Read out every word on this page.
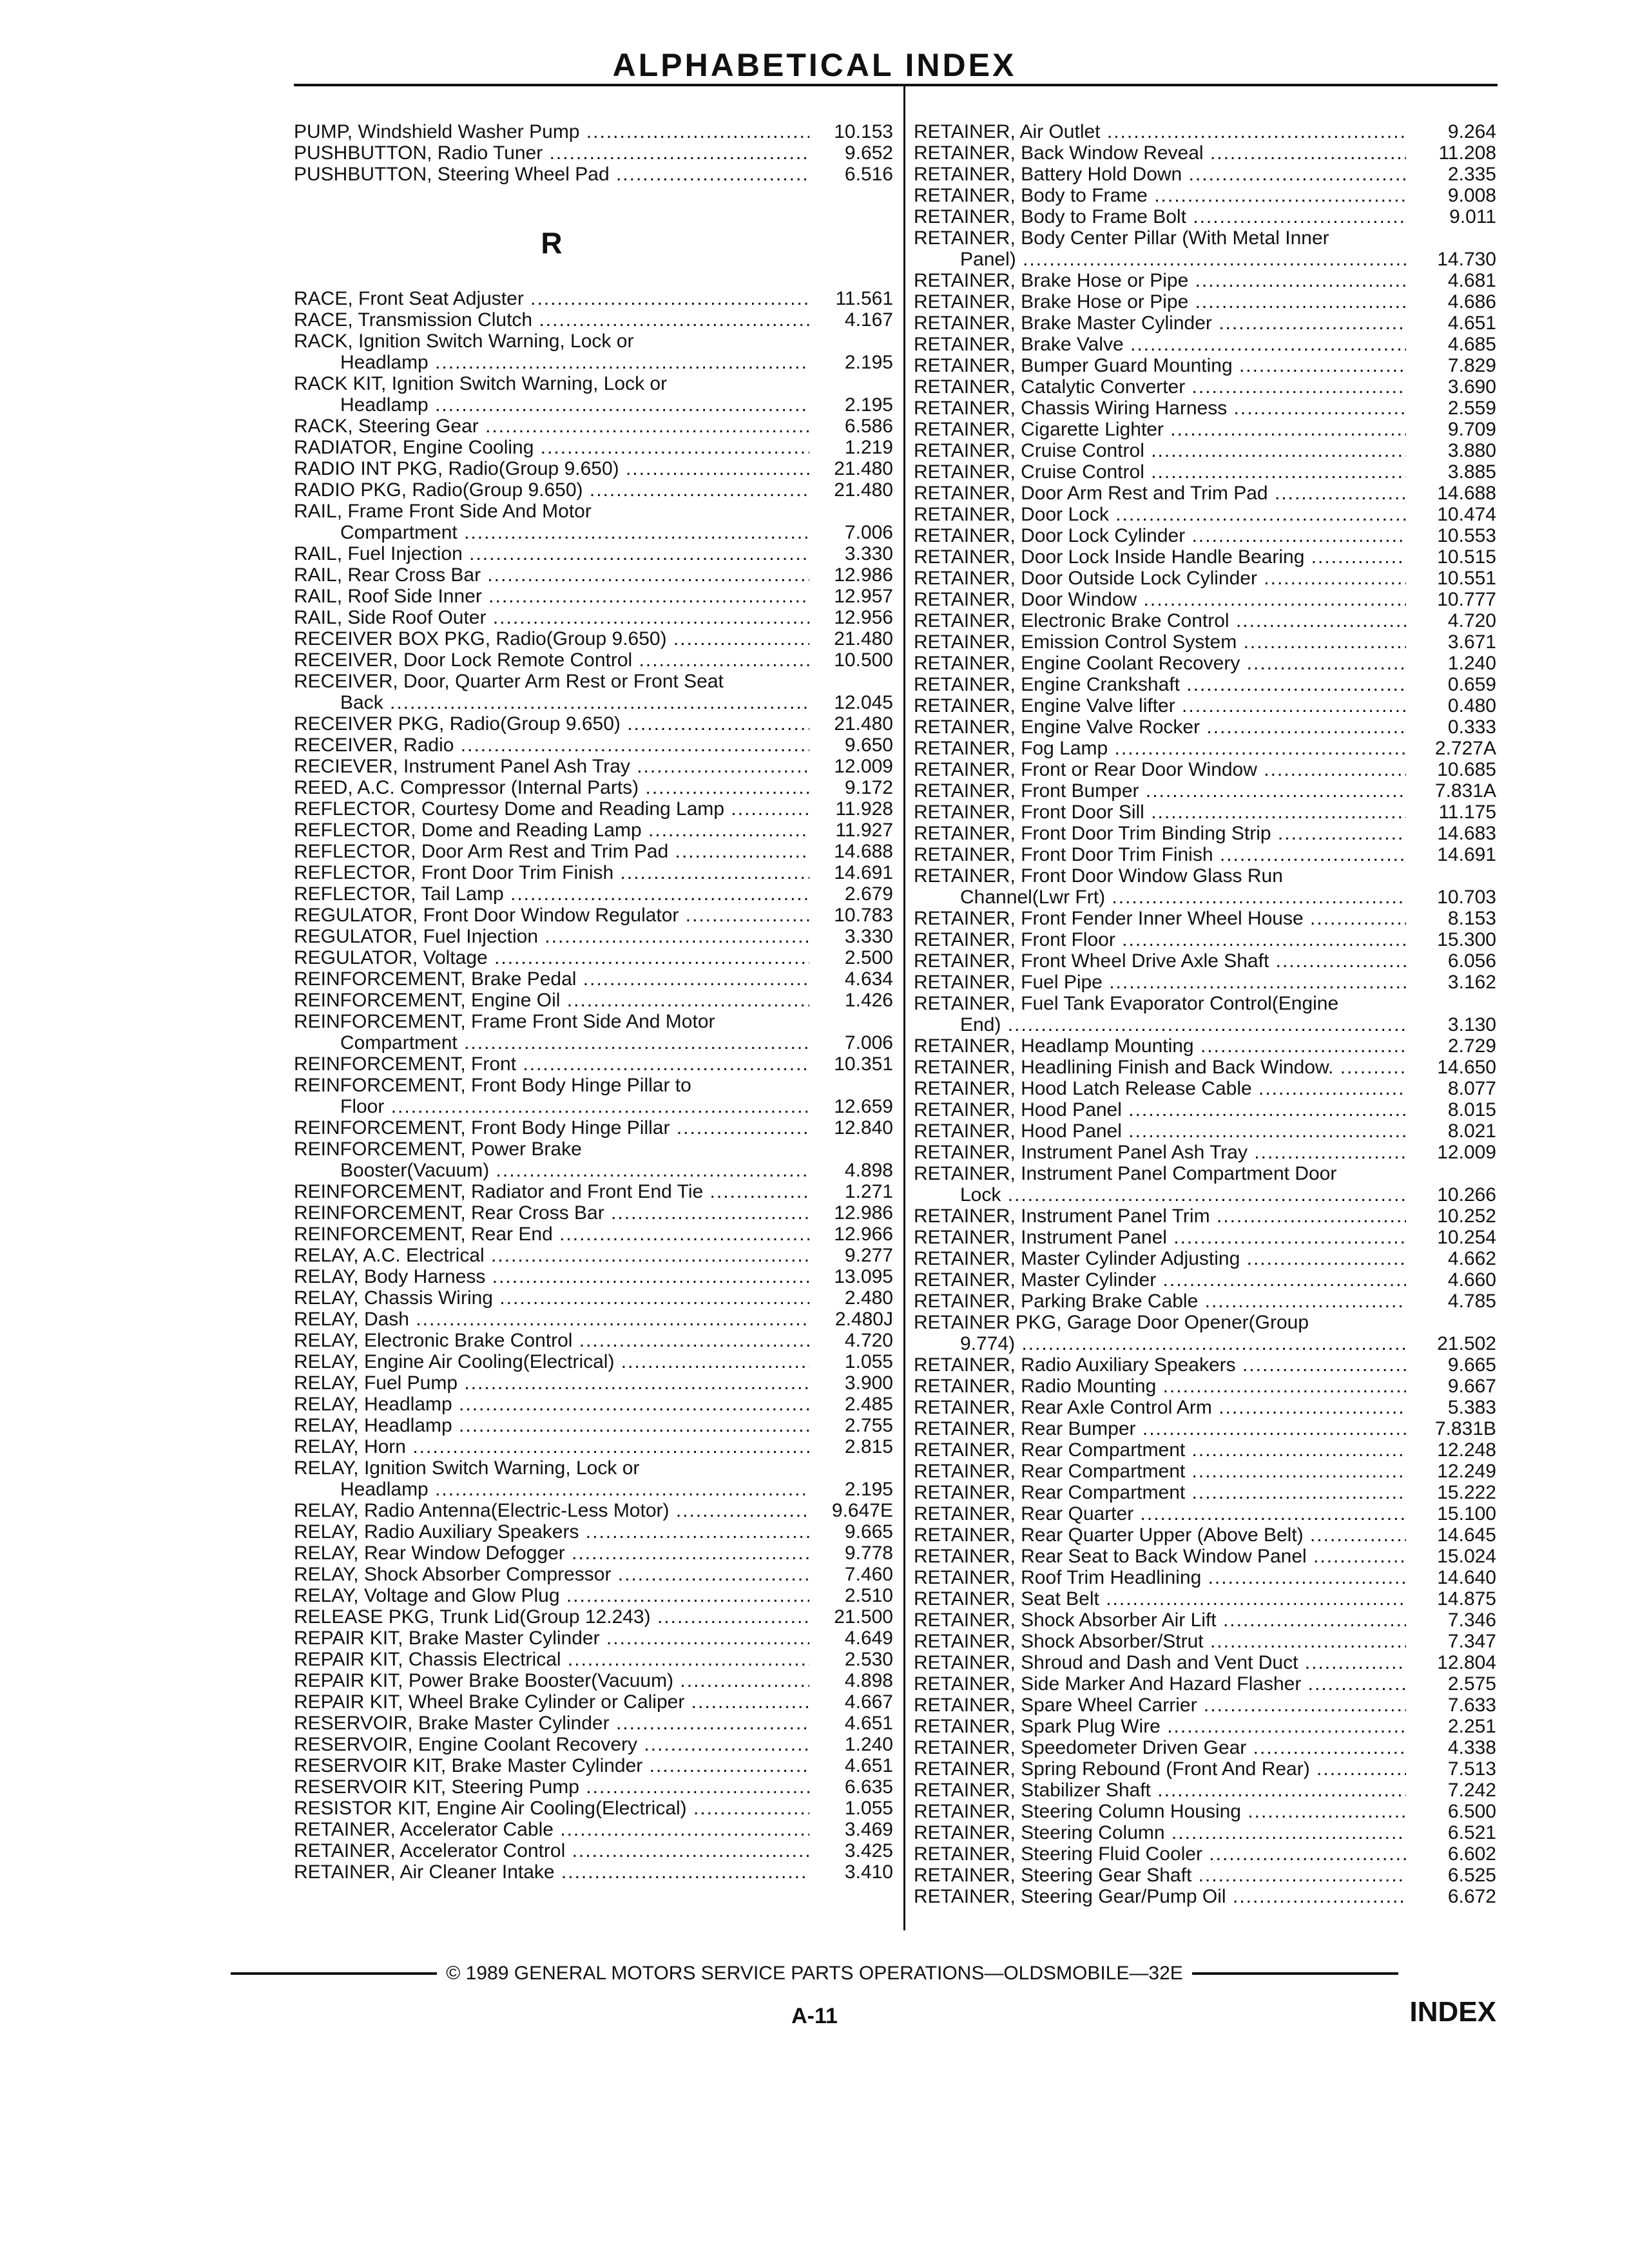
ALPHABETICAL INDEX
PUMP, Windshield Washer Pump .....	10.153
PUSHBUTTON, Radio Tuner .....	9.652
PUSHBUTTON, Steering Wheel Pad .....	6.516
R
RACE, Front Seat Adjuster .....	11.561
RACE, Transmission Clutch .....	4.167
RACK, Ignition Switch Warning, Lock or
Headlamp .....	2.195
RACK KIT, Ignition Switch Warning, Lock or
Headlamp .....	2.195
RACK, Steering Gear .....	6.586
RADIATOR, Engine Cooling .....	1.219
RADIO INT PKG, Radio(Group 9.650) .....	21.480
RADIO PKG, Radio(Group 9.650) .....	21.480
RAIL, Frame Front Side And Motor
Compartment .....	7.006
RAIL, Fuel Injection .....	3.330
RAIL, Rear Cross Bar .....	12.986
RAIL, Roof Side Inner .....	12.957
RAIL, Side Roof Outer .....	12.956
RECEIVER BOX PKG, Radio(Group 9.650) .....	21.480
RECEIVER, Door Lock Remote Control .....	10.500
RECEIVER, Door, Quarter Arm Rest or Front Seat
Back .....	12.045
RECEIVER PKG, Radio(Group 9.650) .....	21.480
RECEIVER, Radio .....	9.650
RECIEVER, Instrument Panel Ash Tray .....	12.009
REED, A.C. Compressor (Internal Parts) .....	9.172
REFLECTOR, Courtesy Dome and Reading Lamp .....	11.928
REFLECTOR, Dome and Reading Lamp .....	11.927
REFLECTOR, Door Arm Rest and Trim Pad .....	14.688
REFLECTOR, Front Door Trim Finish .....	14.691
REFLECTOR, Tail Lamp .....	2.679
REGULATOR, Front Door Window Regulator .....	10.783
REGULATOR, Fuel Injection .....	3.330
REGULATOR, Voltage .....	2.500
REINFORCEMENT, Brake Pedal .....	4.634
REINFORCEMENT, Engine Oil .....	1.426
REINFORCEMENT, Frame Front Side And Motor
Compartment .....	7.006
REINFORCEMENT, Front .....	10.351
REINFORCEMENT, Front Body Hinge Pillar to
Floor .....	12.659
REINFORCEMENT, Front Body Hinge Pillar .....	12.840
REINFORCEMENT, Power Brake
Booster(Vacuum) .....	4.898
REINFORCEMENT, Radiator and Front End Tie .....	1.271
REINFORCEMENT, Rear Cross Bar .....	12.986
REINFORCEMENT, Rear End .....	12.966
RELAY, A.C. Electrical .....	9.277
RELAY, Body Harness .....	13.095
RELAY, Chassis Wiring .....	2.480
RELAY, Dash .....	2.480J
RELAY, Electronic Brake Control .....	4.720
RELAY, Engine Air Cooling(Electrical) .....	1.055
RELAY, Fuel Pump .....	3.900
RELAY, Headlamp .....	2.485
RELAY, Headlamp .....	2.755
RELAY, Horn .....	2.815
RELAY, Ignition Switch Warning, Lock or
Headlamp .....	2.195
RELAY, Radio Antenna(Electric-Less Motor) .....	9.647E
RELAY, Radio Auxiliary Speakers .....	9.665
RELAY, Rear Window Defogger .....	9.778
RELAY, Shock Absorber Compressor .....	7.460
RELAY, Voltage and Glow Plug .....	2.510
RELEASE PKG, Trunk Lid(Group 12.243) .....	21.500
REPAIR KIT, Brake Master Cylinder .....	4.649
REPAIR KIT, Chassis Electrical .....	2.530
REPAIR KIT, Power Brake Booster(Vacuum) .....	4.898
REPAIR KIT, Wheel Brake Cylinder or Caliper .....	4.667
RESERVOIR, Brake Master Cylinder .....	4.651
RESERVOIR, Engine Coolant Recovery .....	1.240
RESERVOIR KIT, Brake Master Cylinder .....	4.651
RESERVOIR KIT, Steering Pump .....	6.635
RESISTOR KIT, Engine Air Cooling(Electrical) .....	1.055
RETAINER, Accelerator Cable .....	3.469
RETAINER, Accelerator Control .....	3.425
RETAINER, Air Cleaner Intake .....	3.410
RETAINER, Air Outlet .....	9.264
RETAINER, Back Window Reveal .....	11.208
RETAINER, Battery Hold Down .....	2.335
RETAINER, Body to Frame .....	9.008
RETAINER, Body to Frame Bolt .....	9.011
RETAINER, Body Center Pillar (With Metal Inner
Panel) .....	14.730
RETAINER, Brake Hose or Pipe .....	4.681
RETAINER, Brake Hose or Pipe .....	4.686
RETAINER, Brake Master Cylinder .....	4.651
RETAINER, Brake Valve .....	4.685
RETAINER, Bumper Guard Mounting .....	7.829
RETAINER, Catalytic Converter .....	3.690
RETAINER, Chassis Wiring Harness .....	2.559
RETAINER, Cigarette Lighter .....	9.709
RETAINER, Cruise Control .....	3.880
RETAINER, Cruise Control .....	3.885
RETAINER, Door Arm Rest and Trim Pad .....	14.688
RETAINER, Door Lock .....	10.474
RETAINER, Door Lock Cylinder .....	10.553
RETAINER, Door Lock Inside Handle Bearing .....	10.515
RETAINER, Door Outside Lock Cylinder .....	10.551
RETAINER, Door Window .....	10.777
RETAINER, Electronic Brake Control .....	4.720
RETAINER, Emission Control System .....	3.671
RETAINER, Engine Coolant Recovery .....	1.240
RETAINER, Engine Crankshaft .....	0.659
RETAINER, Engine Valve lifter .....	0.480
RETAINER, Engine Valve Rocker .....	0.333
RETAINER, Fog Lamp .....	2.727A
RETAINER, Front or Rear Door Window .....	10.685
RETAINER, Front Bumper .....	7.831A
RETAINER, Front Door Sill .....	11.175
RETAINER, Front Door Trim Binding Strip .....	14.683
RETAINER, Front Door Trim Finish .....	14.691
RETAINER, Front Door Window Glass Run
Channel(Lwr Frt) .....	10.703
RETAINER, Front Fender Inner Wheel House .....	8.153
RETAINER, Front Floor .....	15.300
RETAINER, Front Wheel Drive Axle Shaft .....	6.056
RETAINER, Fuel Pipe .....	3.162
RETAINER, Fuel Tank Evaporator Control(Engine
End) .....	3.130
RETAINER, Headlamp Mounting .....	2.729
RETAINER, Headlining Finish and Back Window. .....	14.650
RETAINER, Hood Latch Release Cable .....	8.077
RETAINER, Hood Panel .....	8.015
RETAINER, Hood Panel .....	8.021
RETAINER, Instrument Panel Ash Tray .....	12.009
RETAINER, Instrument Panel Compartment Door
Lock .....	10.266
RETAINER, Instrument Panel Trim .....	10.252
RETAINER, Instrument Panel .....	10.254
RETAINER, Master Cylinder Adjusting .....	4.662
RETAINER, Master Cylinder .....	4.660
RETAINER, Parking Brake Cable .....	4.785
RETAINER PKG, Garage Door Opener(Group
9.774) .....	21.502
RETAINER, Radio Auxiliary Speakers .....	9.665
RETAINER, Radio Mounting .....	9.667
RETAINER, Rear Axle Control Arm .....	5.383
RETAINER, Rear Bumper .....	7.831B
RETAINER, Rear Compartment .....	12.248
RETAINER, Rear Compartment .....	12.249
RETAINER, Rear Compartment .....	15.222
RETAINER, Rear Quarter .....	15.100
RETAINER, Rear Quarter Upper (Above Belt) .....	14.645
RETAINER, Rear Seat to Back Window Panel .....	15.024
RETAINER, Roof Trim Headlining .....	14.640
RETAINER, Seat Belt .....	14.875
RETAINER, Shock Absorber Air Lift .....	7.346
RETAINER, Shock Absorber/Strut .....	7.347
RETAINER, Shroud and Dash and Vent Duct .....	12.804
RETAINER, Side Marker And Hazard Flasher .....	2.575
RETAINER, Spare Wheel Carrier .....	7.633
RETAINER, Spark Plug Wire .....	2.251
RETAINER, Speedometer Driven Gear .....	4.338
RETAINER, Spring Rebound (Front And Rear) .....	7.513
RETAINER, Stabilizer Shaft .....	7.242
RETAINER, Steering Column Housing .....	6.500
RETAINER, Steering Column .....	6.521
RETAINER, Steering Fluid Cooler .....	6.602
RETAINER, Steering Gear Shaft .....	6.525
RETAINER, Steering Gear/Pump Oil .....	6.672
© 1989 GENERAL MOTORS SERVICE PARTS OPERATIONS—OLDSMOBILE—32E
A-11	INDEX
